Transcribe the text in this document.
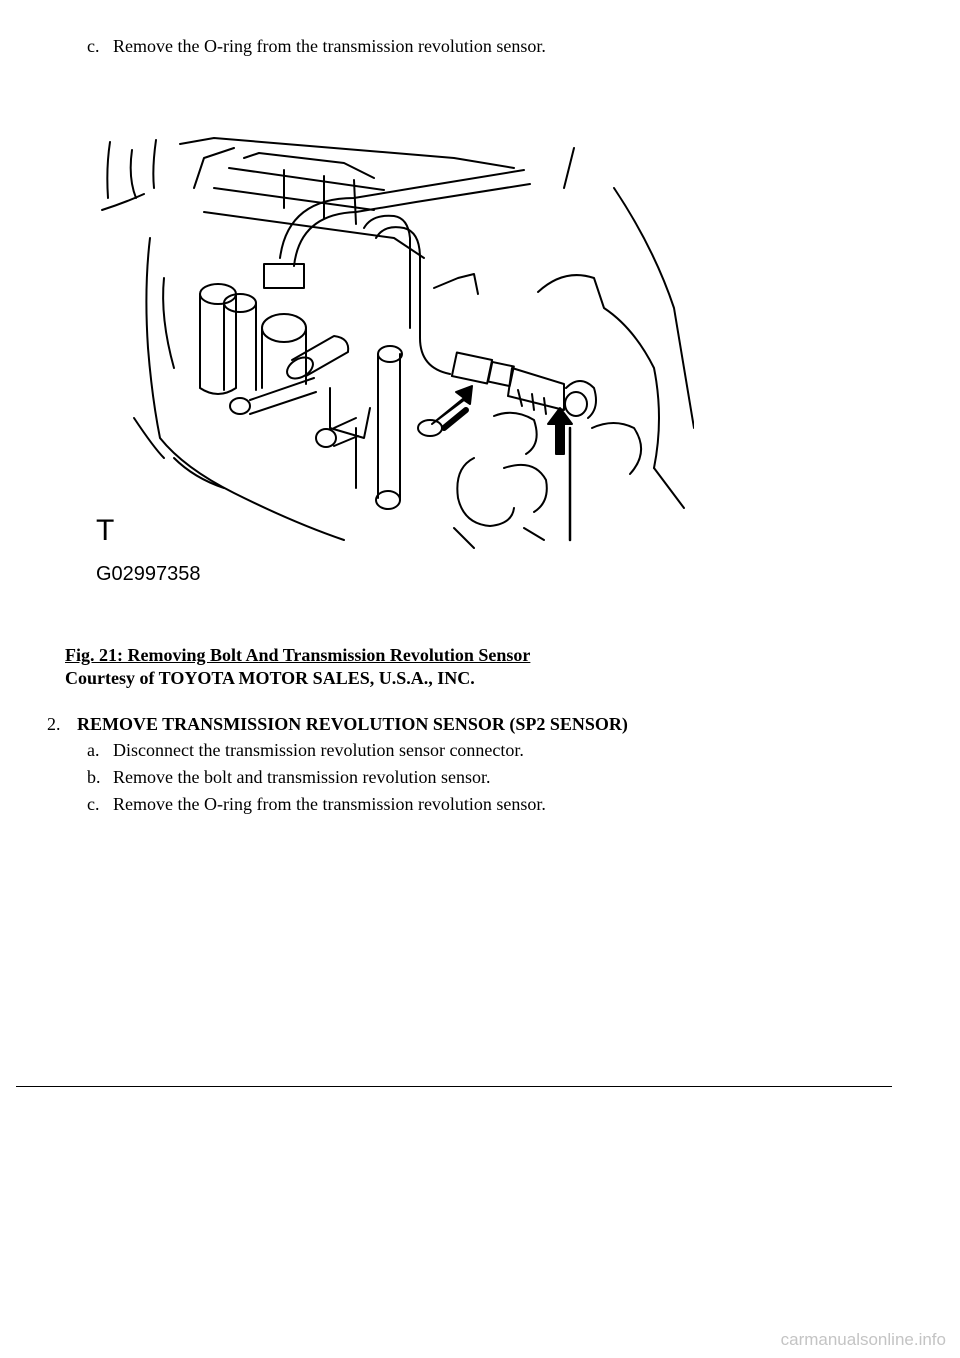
c. Remove the O-ring from the transmission revolution sensor.
T
G02997358
Fig. 21: Removing Bolt And Transmission Revolution Sensor
Courtesy of TOYOTA MOTOR SALES, U.S.A., INC.
2. REMOVE TRANSMISSION REVOLUTION SENSOR (SP2 SENSOR)
a. Disconnect the transmission revolution sensor connector.
b. Remove the bolt and transmission revolution sensor.
c. Remove the O-ring from the transmission revolution sensor.
carmanualsonline.info
